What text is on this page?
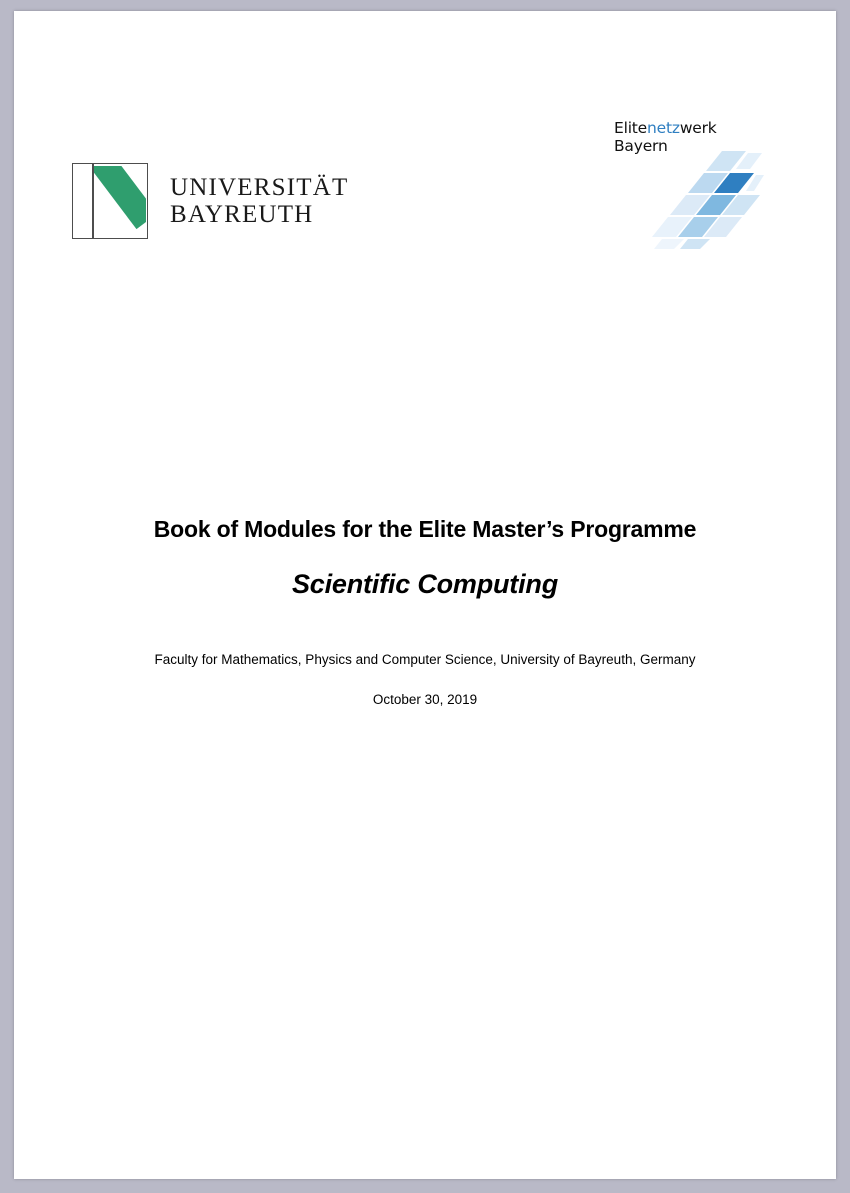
UNIVERSITÄT
BAYREUTH
Elitenetzwerk
Bayern
Book of Modules for the Elite Master’s Programme
Scientific Computing

Faculty for Mathematics, Physics and Computer Science, University of Bayreuth, Germany

October 30, 2019
